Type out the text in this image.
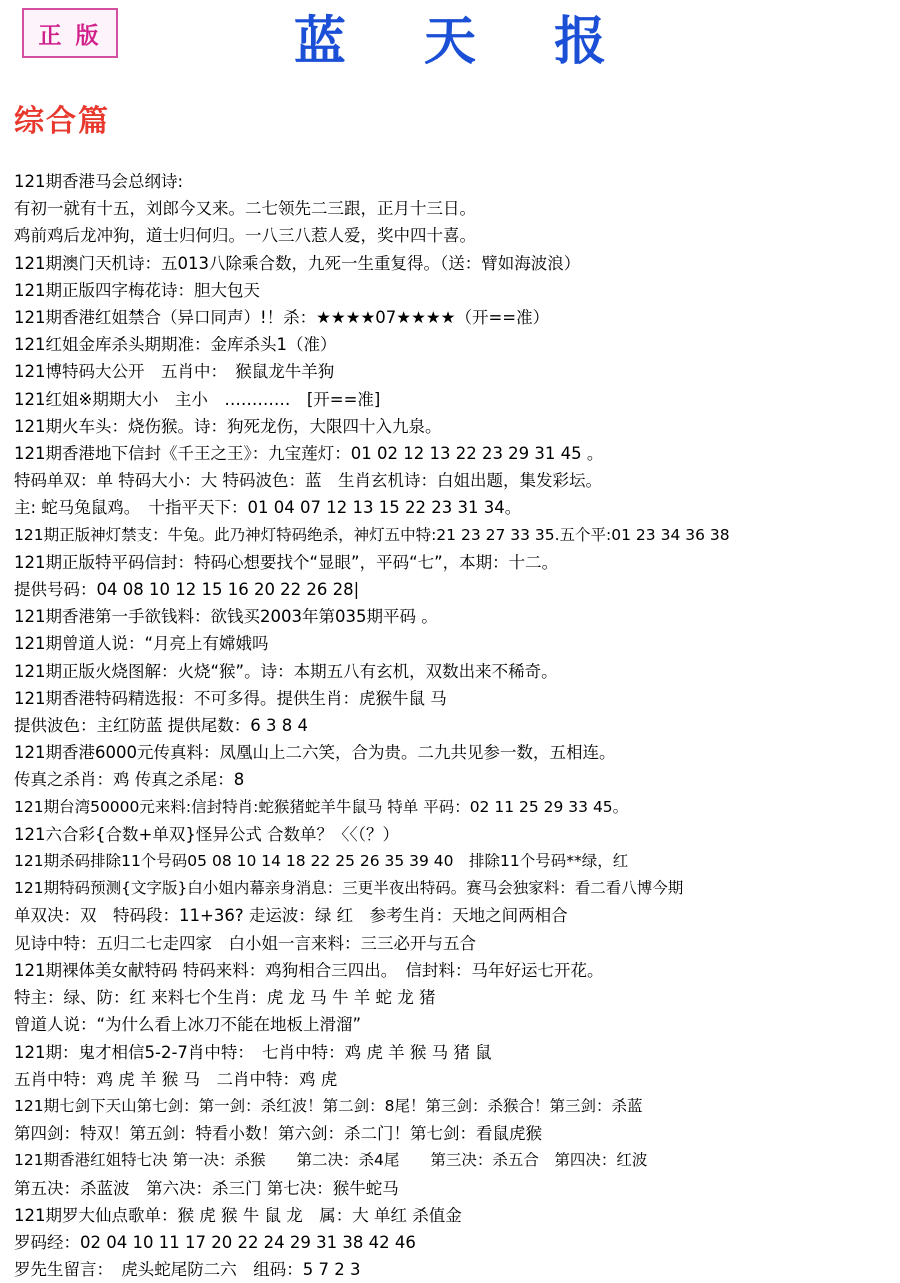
正 版	蓝 天 报
综合篇
121期香港马会总纲诗:
有初一就有十五，刘郎今又来。二七领先二三跟，正月十三日。
鸡前鸡后龙冲狗，道士归何归。一八三八惹人爱，奖中四十喜。
121期澳门天机诗：五013八除乘合数，九死一生重复得。（送：臂如海波浪）
121期正版四字梅花诗：胆大包天
121期香港红姐禁合（异口同声）!！杀：★★★★07★★★★（开==准）
121红姐金库杀头期期准：金库杀头1（准）
121博特码大公开　五肖中：　猴鼠龙牛羊狗
121红姐※期期大小　主小　…………　[开==准]
121期火车头：烧伤猴。诗：狗死龙伤，大限四十入九泉。
121期香港地下信封《千王之王》：九宝莲灯：01 02 12 13 22 23 29 31 45 。
特码单双：单 特码大小：大 特码波色：蓝　生肖玄机诗：白姐出题，集发彩坛。
主: 蛇马兔鼠鸡。　十指平天下：01 04 07 12 13 15 22 23 31 34。
121期正版神灯禁支：牛兔。此乃神灯特码绝杀，神灯五中特:21 23 27 33 35.五个平:01 23 34 36 38
121期正版特平码信封：特码心想要找个“显眼”，平码“七”，本期：十二。
提供号码：04 08 10 12 15 16 20 22 26 28|
121期香港第一手欲钱料：欲钱买2003年第035期平码 。
121期曾道人说：“月亮上有嫦娥吗
121期正版火烧图解：火烧“猴”。诗：本期五八有玄机，双数出来不稀奇。
121期香港特码精选报：不可多得。提供生肖：虎猴牛鼠 马
提供波色：主红防蓝 提供尾数：6 3 8 4
121期香港6000元传真料：凤凰山上二六笑，合为贵。二九共见参一数，五相连。
传真之杀肖：鸡 传真之杀尾：8
121期台湾50000元来料:信封特肖:蛇猴猪蛇羊牛鼠马 特单 平码：02 11 25 29 33 45。
121六合彩{合数+单双}怪异公式 合数单？〈〈（？）
121期杀码排除11个号码05 08 10 14 18 22 25 26 35 39 40　排除11个号码**绿，红
121期特码预测{文字版}白小姐内幕亲身消息：三更半夜出特码。赛马会独家料：看二看八博今期
单双决：双　特码段：11+36? 走运波：绿 红　参考生肖：天地之间两相合
见诗中特：五归二七走四家　白小姐一言来料：三三必开与五合
121期裸体美女献特码 特码来料：鸡狗相合三四出。　信封料：马年好运七开花。
特主：绿、防：红 来料七个生肖：虎 龙 马 牛 羊 蛇 龙 猪
曾道人说：“为什么看上冰刀不能在地板上滑溜”
121期：鬼才相信5-2-7肖中特：　七肖中特：鸡 虎 羊 猴 马 猪 鼠
五肖中特：鸡 虎 羊 猴 马　二肖中特：鸡 虎
121期七剑下天山第七剑：第一剑：杀红波！第二剑：8尾！第三剑：杀猴合！第三剑：杀蓝
第四剑：特双！第五剑：特看小数！第六剑：杀二门！第七剑：看鼠虎猴
121期香港红姐特七决 第一决：杀猴　　第二决：杀4尾　　第三决：杀五合　第四决：红波
第五决：杀蓝波　第六决：杀三门 第七决：猴牛蛇马
121期罗大仙点歌单：猴 虎 猴 牛 鼠 龙　属：大 单红 杀值金
罗码经：02 04 10 11 17 20 22 24 29 31 38 42 46
罗先生留言：　虎头蛇尾防二六　组码：5 7 2 3
